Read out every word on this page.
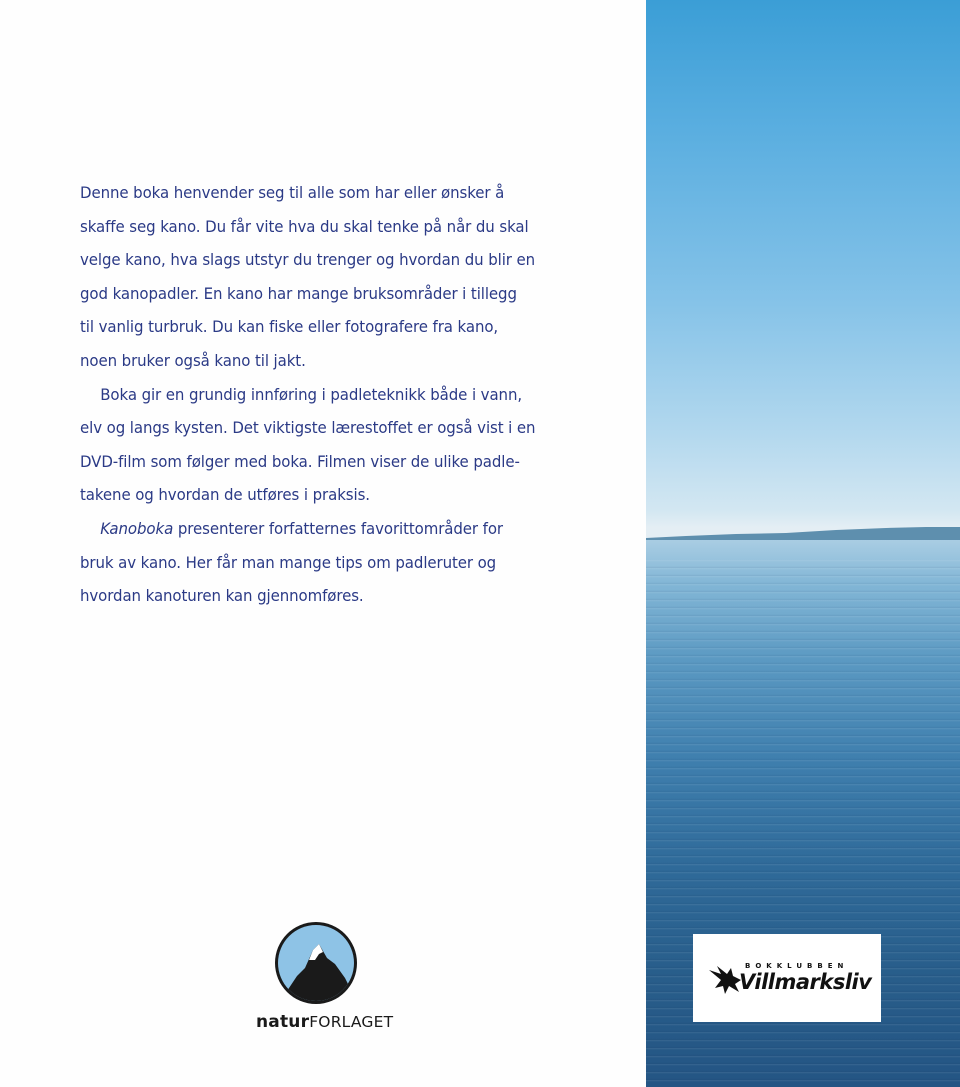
Denne boka henvender seg til alle som har eller ønsker å
skaffe seg kano. Du får vite hva du skal tenke på når du skal
velge kano, hva slags utstyr du trenger og hvordan du blir en
god kanopadler. En kano har mange bruksområder i tillegg
til vanlig turbruk. Du kan fiske eller fotografere fra kano,
noen bruker også kano til jakt.

Boka gir en grundig innføring i padleteknikk både i vann,
elv og langs kysten. Det viktigste lærestoffet er også vist i en
DVD-film som følger med boka. Filmen viser de ulike padle-
takene og hvordan de utføres i praksis.

Kanoboka presenterer forfatternes favorittområder for
bruk av kano. Her får man mange tips om padleruter og
hvordan kanoturen kan gjennomføres.

naturFORLAGET
BOKKLUBBEN
Villmarksliv
